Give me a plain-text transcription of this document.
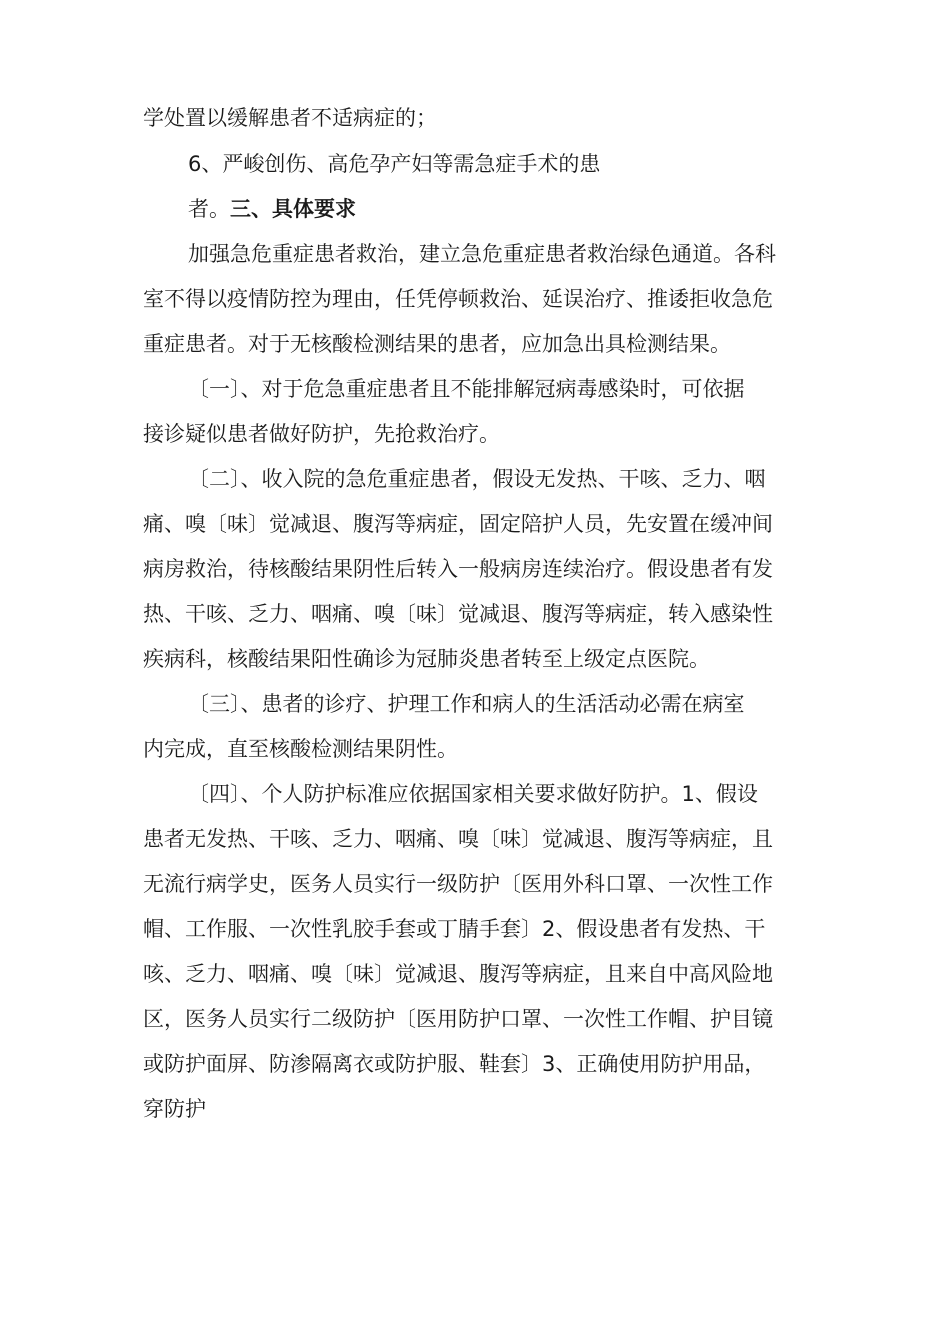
学处置以缓解患者不适病症的；
6、严峻创伤、高危孕产妇等需急症手术的患
者。三、具体要求
加强急危重症患者救治，建立急危重症患者救治绿色通道。各科
室不得以疫情防控为理由，任凭停顿救治、延误治疗、推诿拒收急危
重症患者。对于无核酸检测结果的患者，应加急出具检测结果。
〔一〕、对于危急重症患者且不能排解冠病毒感染时，可依据
接诊疑似患者做好防护，先抢救治疗。
〔二〕、收入院的急危重症患者，假设无发热、干咳、乏力、咽
痛、嗅〔味〕觉减退、腹泻等病症，固定陪护人员，先安置在缓冲间
病房救治，待核酸结果阴性后转入一般病房连续治疗。假设患者有发
热、干咳、乏力、咽痛、嗅〔味〕觉减退、腹泻等病症，转入感染性
疾病科，核酸结果阳性确诊为冠肺炎患者转至上级定点医院。
〔三〕、患者的诊疗、护理工作和病人的生活活动必需在病室
内完成，直至核酸检测结果阴性。
〔四〕、个人防护标准应依据国家相关要求做好防护。1、假设
患者无发热、干咳、乏力、咽痛、嗅〔味〕觉减退、腹泻等病症，且
无流行病学史，医务人员实行一级防护〔医用外科口罩、一次性工作
帽、工作服、一次性乳胶手套或丁腈手套〕2、假设患者有发热、干
咳、乏力、咽痛、嗅〔味〕觉减退、腹泻等病症，且来自中高风险地
区，医务人员实行二级防护〔医用防护口罩、一次性工作帽、护目镜
或防护面屏、防渗隔离衣或防护服、鞋套〕3、正确使用防护用品，
穿防护
